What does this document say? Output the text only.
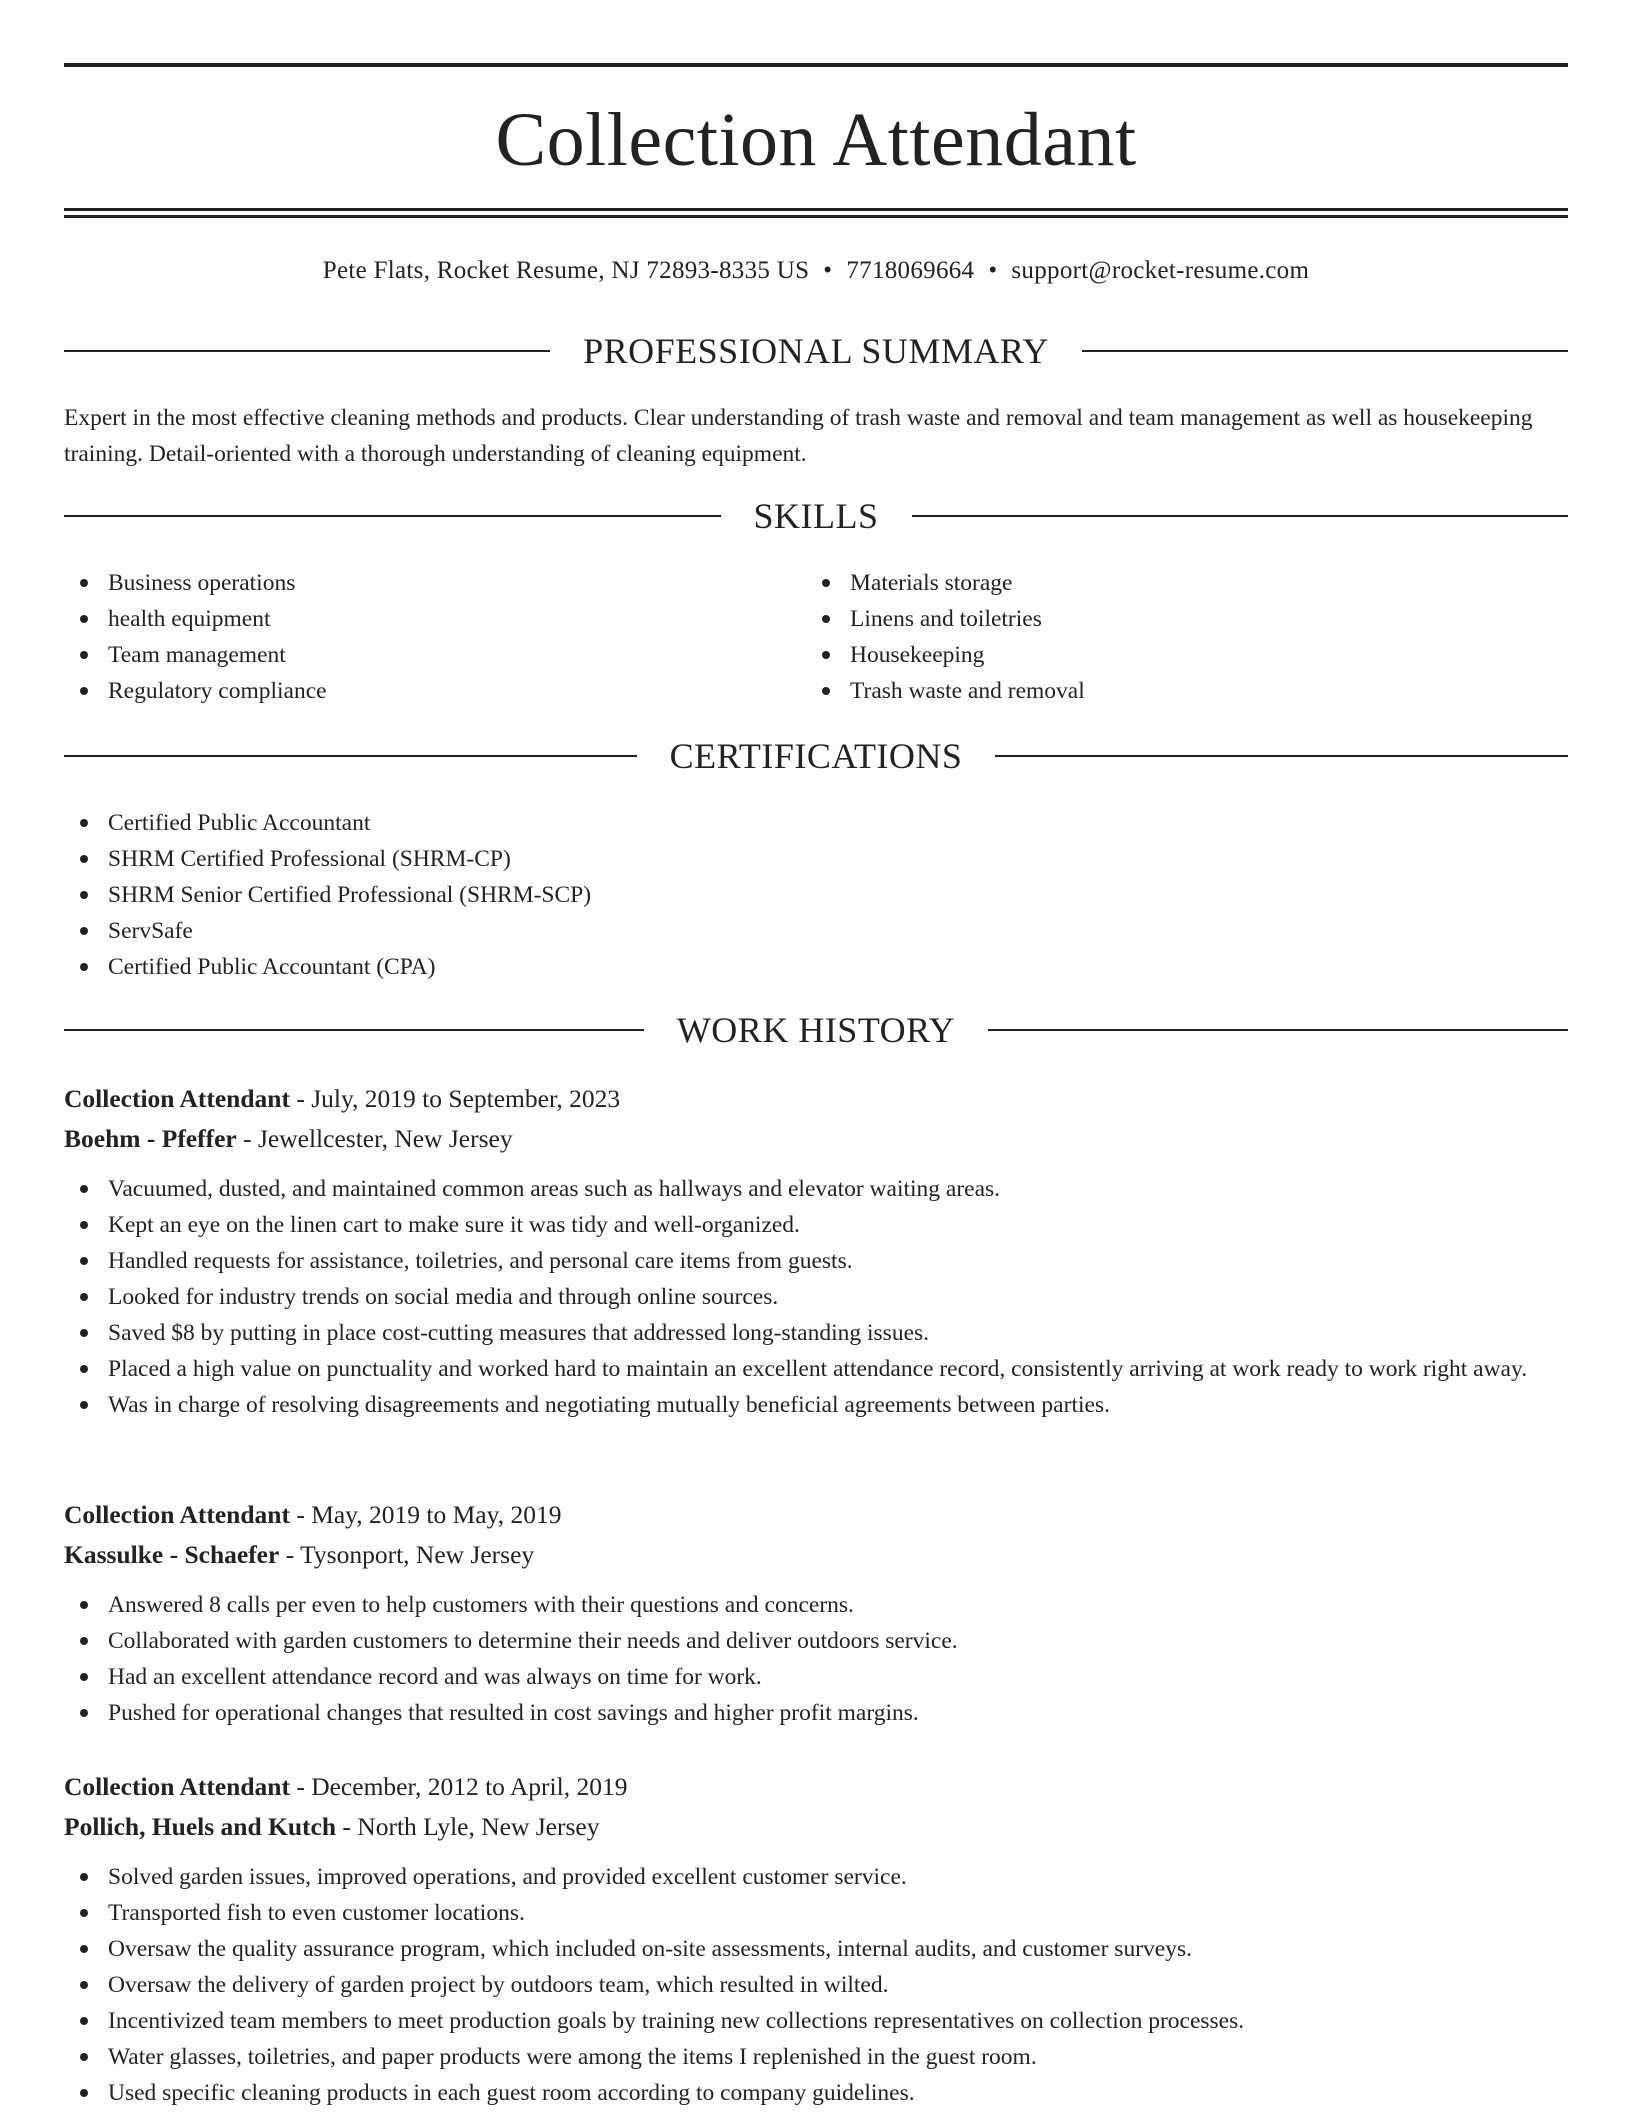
Collection Attendant
Pete Flats, Rocket Resume, NJ 72893-8335 US • 7718069664 • support@rocket-resume.com
PROFESSIONAL SUMMARY

Expert in the most effective cleaning methods and products. Clear understanding of trash waste and removal and team management as well as housekeeping training. Detail-oriented with a thorough understanding of cleaning equipment.

SKILLS
Business operations
health equipment
Team management
Regulatory compliance
Materials storage
Linens and toiletries
Housekeeping
Trash waste and removal
CERTIFICATIONS
Certified Public Accountant
SHRM Certified Professional (SHRM-CP)
SHRM Senior Certified Professional (SHRM-SCP)
ServSafe
Certified Public Accountant (CPA)
WORK HISTORY
Collection Attendant - July, 2019 to September, 2023
Boehm - Pfeffer - Jewellcester, New Jersey
Vacuumed, dusted, and maintained common areas such as hallways and elevator waiting areas.
Kept an eye on the linen cart to make sure it was tidy and well-organized.
Handled requests for assistance, toiletries, and personal care items from guests.
Looked for industry trends on social media and through online sources.
Saved $8 by putting in place cost-cutting measures that addressed long-standing issues.
Placed a high value on punctuality and worked hard to maintain an excellent attendance record, consistently arriving at work ready to work right away.
Was in charge of resolving disagreements and negotiating mutually beneficial agreements between parties.
Collection Attendant - May, 2019 to May, 2019
Kassulke - Schaefer - Tysonport, New Jersey
Answered 8 calls per even to help customers with their questions and concerns.
Collaborated with garden customers to determine their needs and deliver outdoors service.
Had an excellent attendance record and was always on time for work.
Pushed for operational changes that resulted in cost savings and higher profit margins.
Collection Attendant - December, 2012 to April, 2019
Pollich, Huels and Kutch - North Lyle, New Jersey
Solved garden issues, improved operations, and provided excellent customer service.
Transported fish to even customer locations.
Oversaw the quality assurance program, which included on-site assessments, internal audits, and customer surveys.
Oversaw the delivery of garden project by outdoors team, which resulted in wilted.
Incentivized team members to meet production goals by training new collections representatives on collection processes.
Water glasses, toiletries, and paper products were among the items I replenished in the guest room.
Used specific cleaning products in each guest room according to company guidelines.
